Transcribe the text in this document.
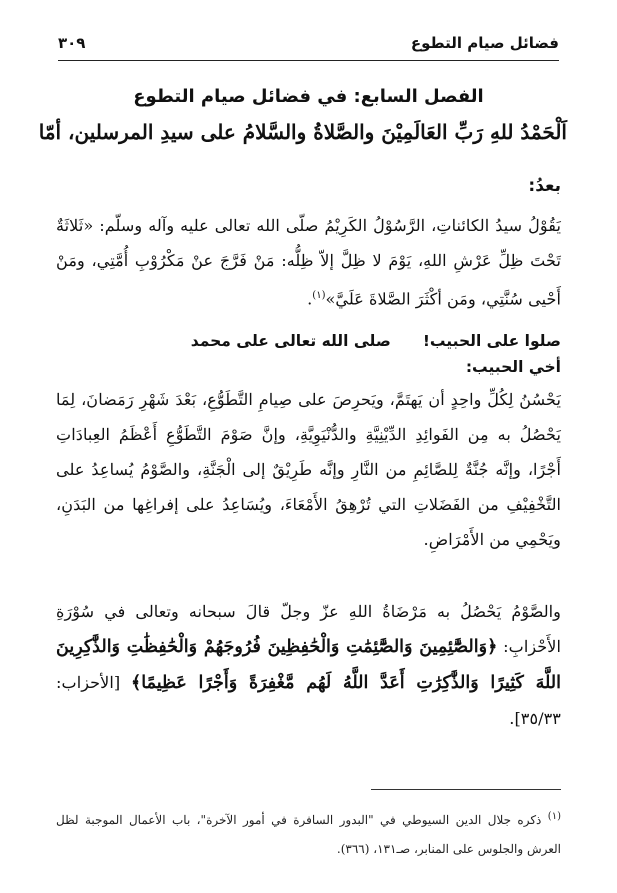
فضائل صيام التطوع
٣٠٩
الفصل السابع: في فضائل صيام التطوع
اَلْحَمْدُ للهِ رَبِّ العَالَمِيْنَ والصَّلاةُ والسَّلامُ على سيدِ المرسلين، أمّا
بعدُ:
يَقُوْلُ سيدُ الكائناتِ، الرَّسُوْلُ الكَرِيْمُ صلّى الله تعالى عليه وآله وسلّم: «ثَلاثَةٌ تَحْتَ ظِلِّ عَرْشِ اللهِ، يَوْمَ لا ظِلَّ إلاّ ظِلُّه: مَنْ فَرَّجَ عنْ مَكْرُوْبِ أُمَّتِي، ومَنْ أَحْيى سُنَّتِي، ومَن أكْثَرَ الصَّلاةَ عَلَيَّ»$^{(١)}$.
صلوا على الحبيب!
صلى الله تعالى على محمد
أخي الحبيب:
يَحْسُنُ لِكُلِّ واحِدٍ أن يَهتَمَّ، ويَحرِصَ على صِيامِ التَّطَوُّعِ، بَعْدَ شَهْرِ رَمَضانَ، لِمَا يَحْصُلُ به مِن الفَوائِدِ الدِّيْنِيَّةِ والدُّنْيَوِيَّةِ، وإنَّ صَوْمَ التَّطَوُّعِ أَعْظَمُ العِبادَاتِ أَجْرًا، وإنَّه جُنَّةٌ لِلصَّائِمِ من النَّارِ وإنَّه طَرِيْقٌ إلى الْجَنَّةِ، والصَّوْمُ يُساعِدُ على التَّخْفِيْفِ من الفَضَلاتِ التي تُرْهِقُ الأَمْعَاءَ، ويُسَاعِدُ على إفراغِها من البَدَنِ، ويَحْمِي من الأَمْرَاضِ.
والصَّوْمُ يَحْصُلُ به مَرْضَاةُ اللهِ عزّ وجلّ قالَ سبحانه وتعالى في سُوْرَةِ الأَحْزابِ: ﴿وَالصَّٰٓئِمِينَ وَالصَّٰٓئِمَٰتِ وَالْحَٰفِظِينَ فُرُوجَهُمْ وَالْحَٰفِظَٰتِ وَالذَّٰكِرِينَ اللَّهَ كَثِيرًا وَالذَّٰكِرَٰتِ أَعَدَّ اللَّهُ لَهُم مَّغْفِرَةً وَأَجْرًا عَظِيمًا﴾ [الأحزاب: ٣٥/٣٣].
$^{(١)}$ ذكره جلال الدين السيوطي في "البدور السافرة في أمور الآخرة"، باب الأعمال الموجبة لظل العرش والجلوس على المنابر، صـ١٣١، (٣٦٦).
